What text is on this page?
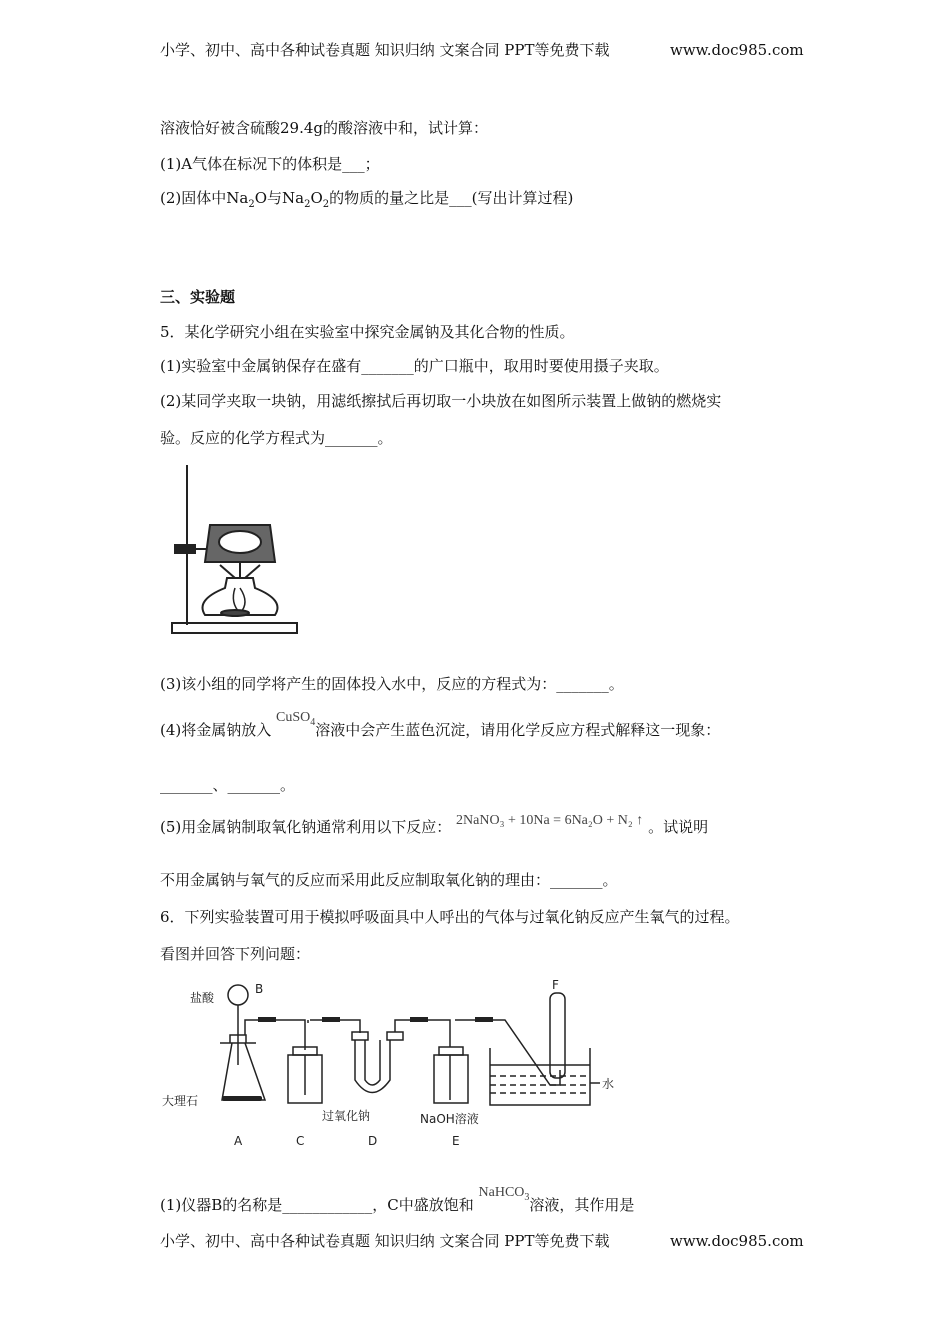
小学、初中、高中各种试卷真题 知识归纳 文案合同 PPT等免费下载	www.doc985.com
溶液恰好被含硫酸29.4g的酸溶液中和，试计算：
(1)A气体在标况下的体积是___；
(2)固体中$Na_2O$与$Na_2O_2$的物质的量之比是___(写出计算过程)
三、实验题
5．某化学研究小组在实验室中探究金属钠及其化合物的性质。
(1)实验室中金属钠保存在盛有_______的广口瓶中，取用时要使用摄子夹取。
(2)某同学夹取一块钠，用滤纸擦拭后再切取一小块放在如图所示装置上做钠的燃烧实
验。反应的化学方程式为_______。
(3)该小组的同学将产生的固体投入水中，反应的方程式为：_______。
(4)将金属钠放入 CuSO$_4$溶液中会产生蓝色沉淀，请用化学反应方程式解释这一现象：
_______、_______。
(5)用金属钠制取氧化钠通常利用以下反应： 2NaNO₃ + 10Na = 6Na₂O + N₂ ↑ 。试说明
不用金属钠与氧气的反应而采用此反应制取氧化钠的理由：_______。
6．下列实验装置可用于模拟呼吸面具中人呼出的气体与过氧化钠反应产生氧气的过程。
看图并回答下列问题：
盐酸
B
大理石
过氧化钠	NaOH溶液
水
F
A	C	D	E
(1)仪器B的名称是____________，C中盛放饱和 NaHCO$_3$溶液，其作用是
小学、初中、高中各种试卷真题 知识归纳 文案合同 PPT等免费下载	www.doc985.com
